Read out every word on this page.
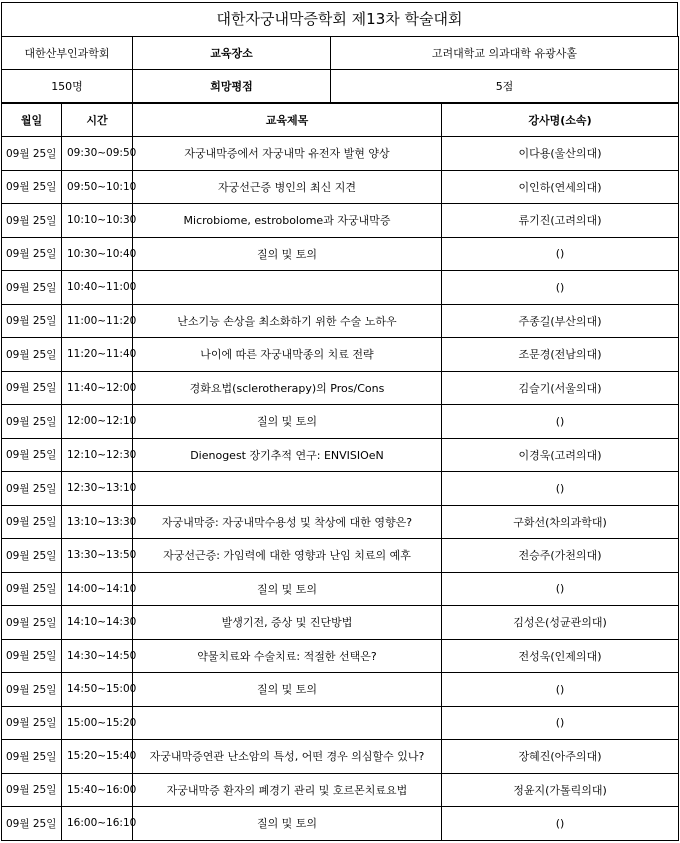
대한자궁내막증학회 제13차 학술대회
대한산부인과학회	교육장소	고려대학교 의과대학 유광사홀
150명	희망평점	5점
월일	시간	교육제목	강사명(소속)
09월 25일	09:30~09:50	자궁내막증에서 자궁내막 유전자 발현 양상	이다용(울산의대)
09월 25일	09:50~10:10	자궁선근증 병인의 최신 지견	이인하(연세의대)
09월 25일	10:10~10:30	Microbiome, estrobolome과 자궁내막증	류기진(고려의대)
09월 25일	10:30~10:40	질의 및 토의	()
09월 25일	10:40~11:00		()
09월 25일	11:00~11:20	난소기능 손상을 최소화하기 위한 수술 노하우	주종길(부산의대)
09월 25일	11:20~11:40	나이에 따른 자궁내막종의 치료 전략	조문경(전남의대)
09월 25일	11:40~12:00	경화요법(sclerotherapy)의 Pros/Cons	김슬기(서울의대)
09월 25일	12:00~12:10	질의 및 토의	()
09월 25일	12:10~12:30	Dienogest 장기추적 연구: ENVISIOeN	이경욱(고려의대)
09월 25일	12:30~13:10		()
09월 25일	13:10~13:30	자궁내막증: 자궁내막수용성 및 착상에 대한 영향은?	구화선(차의과학대)
09월 25일	13:30~13:50	자궁선근증: 가임력에 대한 영향과 난임 치료의 예후	전승주(가천의대)
09월 25일	14:00~14:10	질의 및 토의	()
09월 25일	14:10~14:30	발생기전, 증상 및 진단방법	김성은(성균관의대)
09월 25일	14:30~14:50	약물치료와 수술치료: 적절한 선택은?	전성욱(인제의대)
09월 25일	14:50~15:00	질의 및 토의	()
09월 25일	15:00~15:20		()
09월 25일	15:20~15:40	자궁내막증연관 난소암의 특성, 어떤 경우 의심할수 있나?	장혜진(아주의대)
09월 25일	15:40~16:00	자궁내막증 환자의 폐경기 관리 및 호르몬치료요법	정윤지(가톨릭의대)
09월 25일	16:00~16:10	질의 및 토의	()
